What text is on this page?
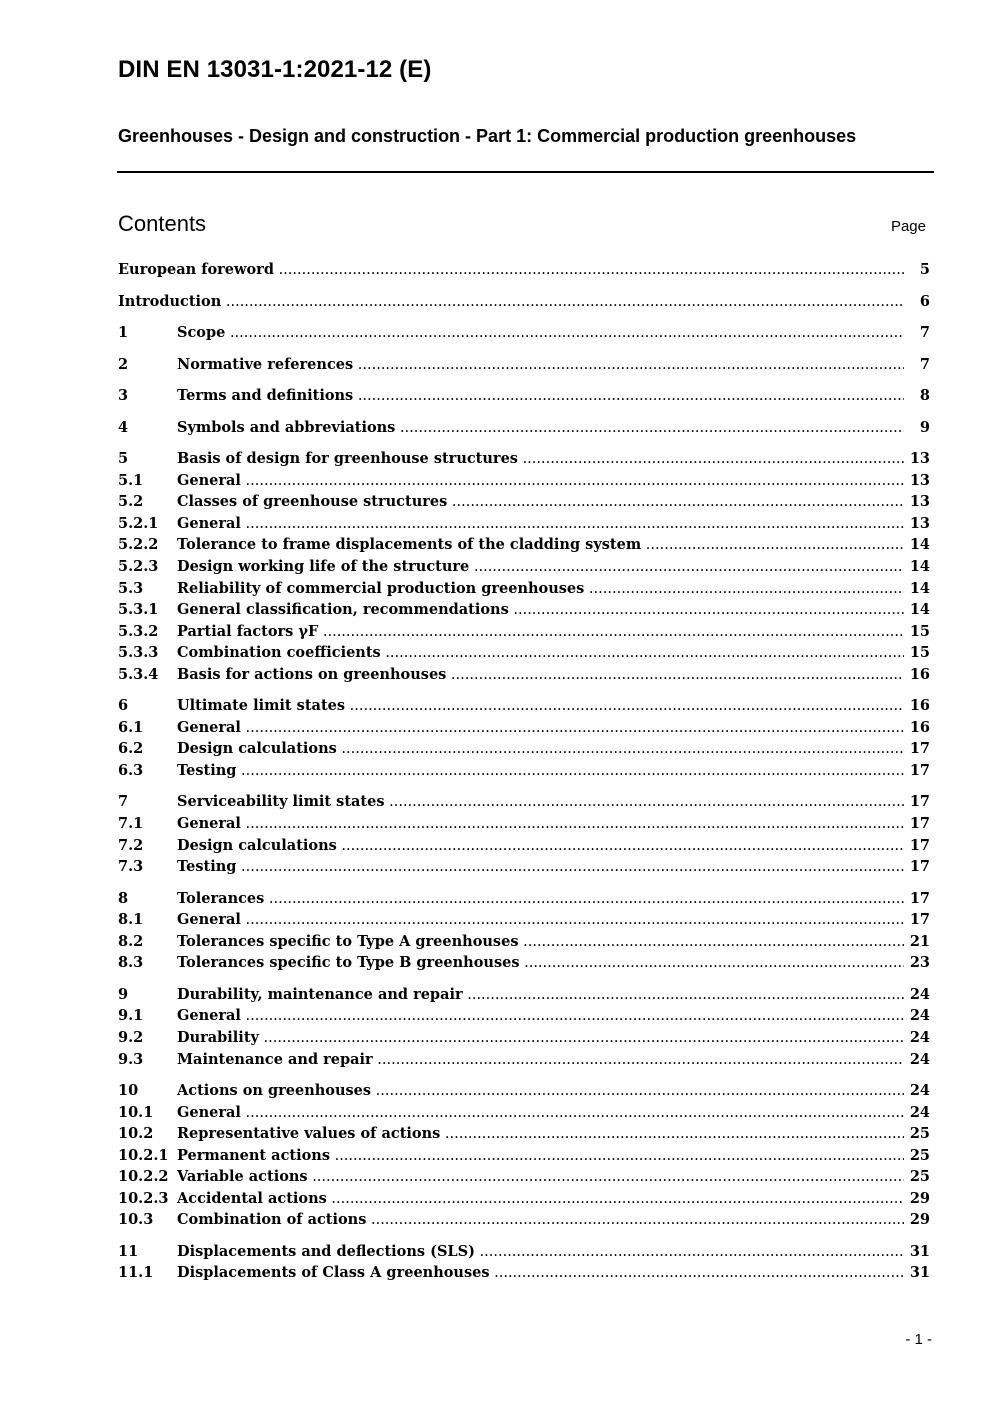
DIN EN 13031-1:2021-12 (E)
Greenhouses - Design and construction - Part 1: Commercial production greenhouses
Contents	Page
European foreword .....	5
Introduction .....	6
1	Scope .....	7
2	Normative references .....	7
3	Terms and definitions .....	8
4	Symbols and abbreviations .....	9
5	Basis of design for greenhouse structures .....	13
5.1 General .....	13
5.2 Classes of greenhouse structures .....	13
5.2.1 General .....	13
5.2.2 Tolerance to frame displacements of the cladding system .....	14
5.2.3 Design working life of the structure .....	14
5.3 Reliability of commercial production greenhouses .....	14
5.3.1 General classification, recommendations .....	14
5.3.2 Partial factors γF .....	15
5.3.3 Combination coefficients .....	15
5.3.4 Basis for actions on greenhouses .....	16
6	Ultimate limit states .....	16
6.1 General .....	16
6.2 Design calculations .....	17
6.3 Testing .....	17
7	Serviceability limit states .....	17
7.1 General .....	17
7.2 Design calculations .....	17
7.3 Testing .....	17
8	Tolerances .....	17
8.1 General .....	17
8.2 Tolerances specific to Type A greenhouses .....	21
8.3 Tolerances specific to Type B greenhouses .....	23
9	Durability, maintenance and repair .....	24
9.1 General .....	24
9.2 Durability .....	24
9.3 Maintenance and repair .....	24
10	Actions on greenhouses .....	24
10.1 General .....	24
10.2 Representative values of actions .....	25
10.2.1 Permanent actions .....	25
10.2.2 Variable actions .....	25
10.2.3 Accidental actions .....	29
10.3 Combination of actions .....	29
11	Displacements and deflections (SLS) .....	31
11.1 Displacements of Class A greenhouses .....	31
- 1 -
